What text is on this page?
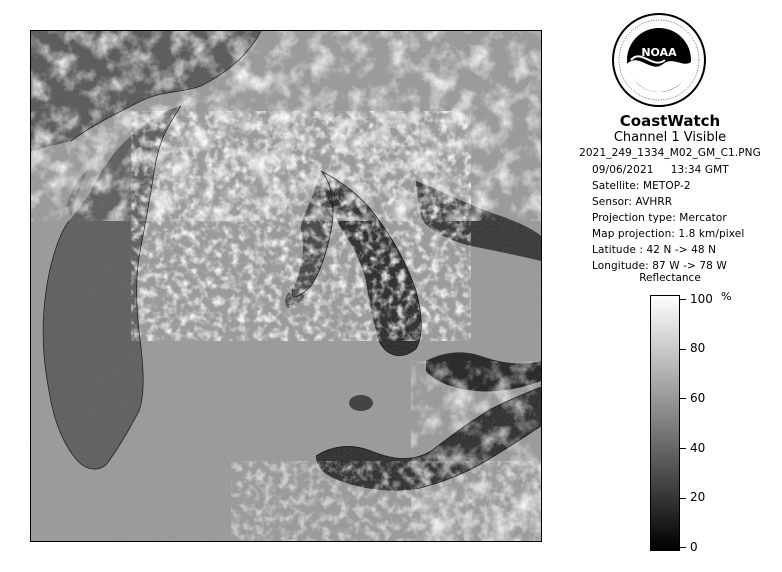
NOAA
CoastWatch
Channel 1 Visible
2021_249_1334_M02_GM_C1.PNG
09/06/2021     13:34 GMT
Satellite: METOP-2
Sensor: AVHRR
Projection type: Mercator
Map projection: 1.8 km/pixel
Latitude : 42 N -> 48 N
Longitude: 87 W -> 78 W
Reflectance
%
100
80
60
40
20
0
